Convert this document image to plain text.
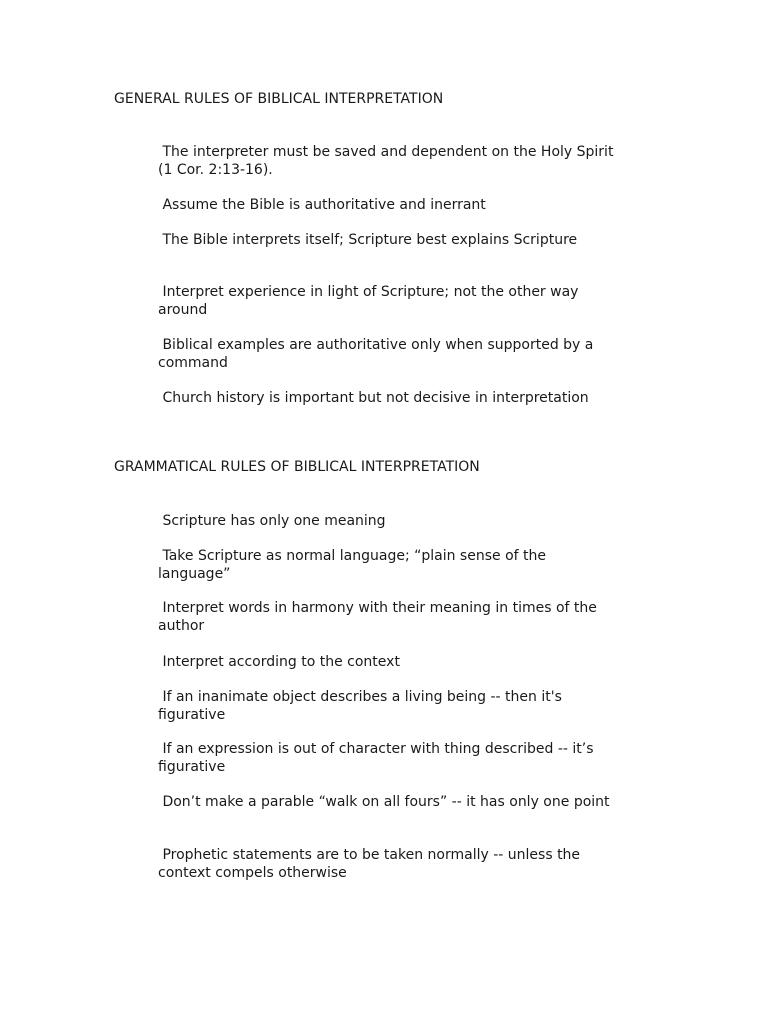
GENERAL RULES OF BIBLICAL INTERPRETATION
The interpreter must be saved and dependent on the Holy Spirit (1 Cor. 2:13-16).
Assume the Bible is authoritative and inerrant
The Bible interprets itself; Scripture best explains Scripture
Interpret experience in light of Scripture; not the other way around
Biblical examples are authoritative only when supported by a command
Church history is important but not decisive in interpretation
GRAMMATICAL RULES OF BIBLICAL INTERPRETATION
Scripture has only one meaning
Take Scripture as normal language; “plain sense of the language”
Interpret words in harmony with their meaning in times of the author
Interpret according to the context
If an inanimate object describes a living being -- then it's figurative
If an expression is out of character with thing described -- it’s figurative
Don’t make a parable “walk on all fours” -- it has only one point
Prophetic statements are to be taken normally -- unless the context compels otherwise
